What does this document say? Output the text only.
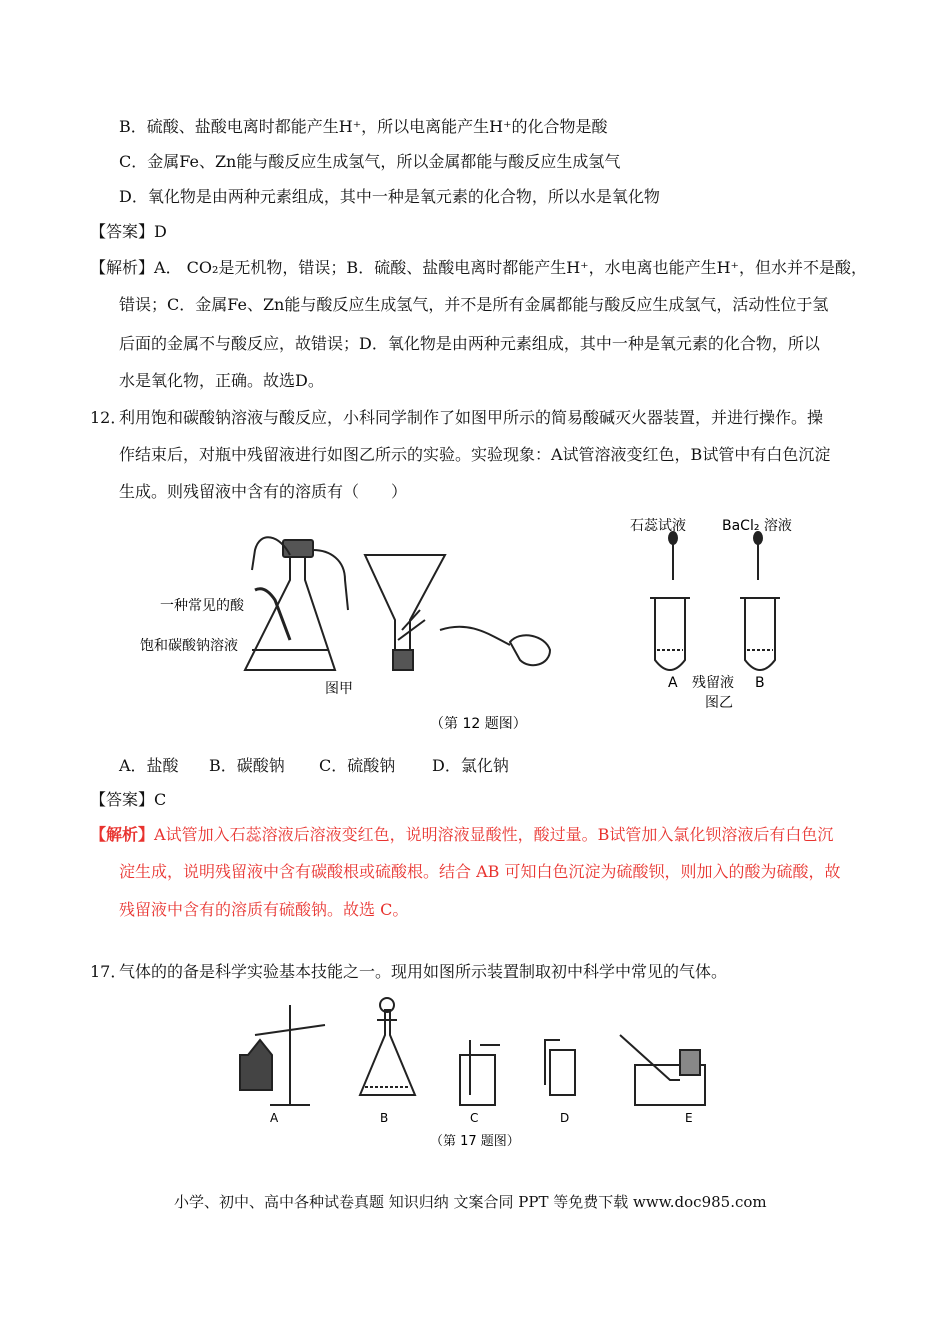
B．硫酸、盐酸电离时都能产生H⁺，所以电离能产生H⁺的化合物是酸
C．金属Fe、Zn能与酸反应生成氢气，所以金属都能与酸反应生成氢气
D．氧化物是由两种元素组成，其中一种是氧元素的化合物，所以水是氧化物
【答案】D
【解析】A． CO₂是无机物，错误；B．硫酸、盐酸电离时都能产生H⁺，水电离也能产生H⁺，但水并不是酸，
错误；C．金属Fe、Zn能与酸反应生成氢气，并不是所有金属都能与酸反应生成氢气，活动性位于氢
后面的金属不与酸反应，故错误；D．氧化物是由两种元素组成，其中一种是氧元素的化合物，所以
水是氧化物，正确。故选D。
12．
利用饱和碳酸钠溶液与酸反应，小科同学制作了如图甲所示的简易酸碱灭火器装置，并进行操作。操
作结束后，对瓶中残留液进行如图乙所示的实验。实验现象：A试管溶液变红色，B试管中有白色沉淀
生成。则残留液中含有的溶质有（　　）
一种常见的酸
饱和碳酸钠溶液
图甲
（第 12 题图）
石蕊试液	BaCl₂ 溶液
A 残留液 B
图乙
A．盐酸 B．碳酸钠 C．硫酸钠 D．氯化钠
【答案】C
【解析】A试管加入石蕊溶液后溶液变红色，说明溶液显酸性，酸过量。B试管加入氯化钡溶液后有白色沉
淀生成，说明残留液中含有碳酸根或硫酸根。结合 AB 可知白色沉淀为硫酸钡，则加入的酸为硫酸，故
残留液中含有的溶质有硫酸钠。故选 C。
17．
气体的的备是科学实验基本技能之一。现用如图所示装置制取初中科学中常见的气体。
A	B	C	D	E
（第 17 题图）
小学、初中、高中各种试卷真题 知识归纳 文案合同 PPT 等免费下载 www.doc985.com
